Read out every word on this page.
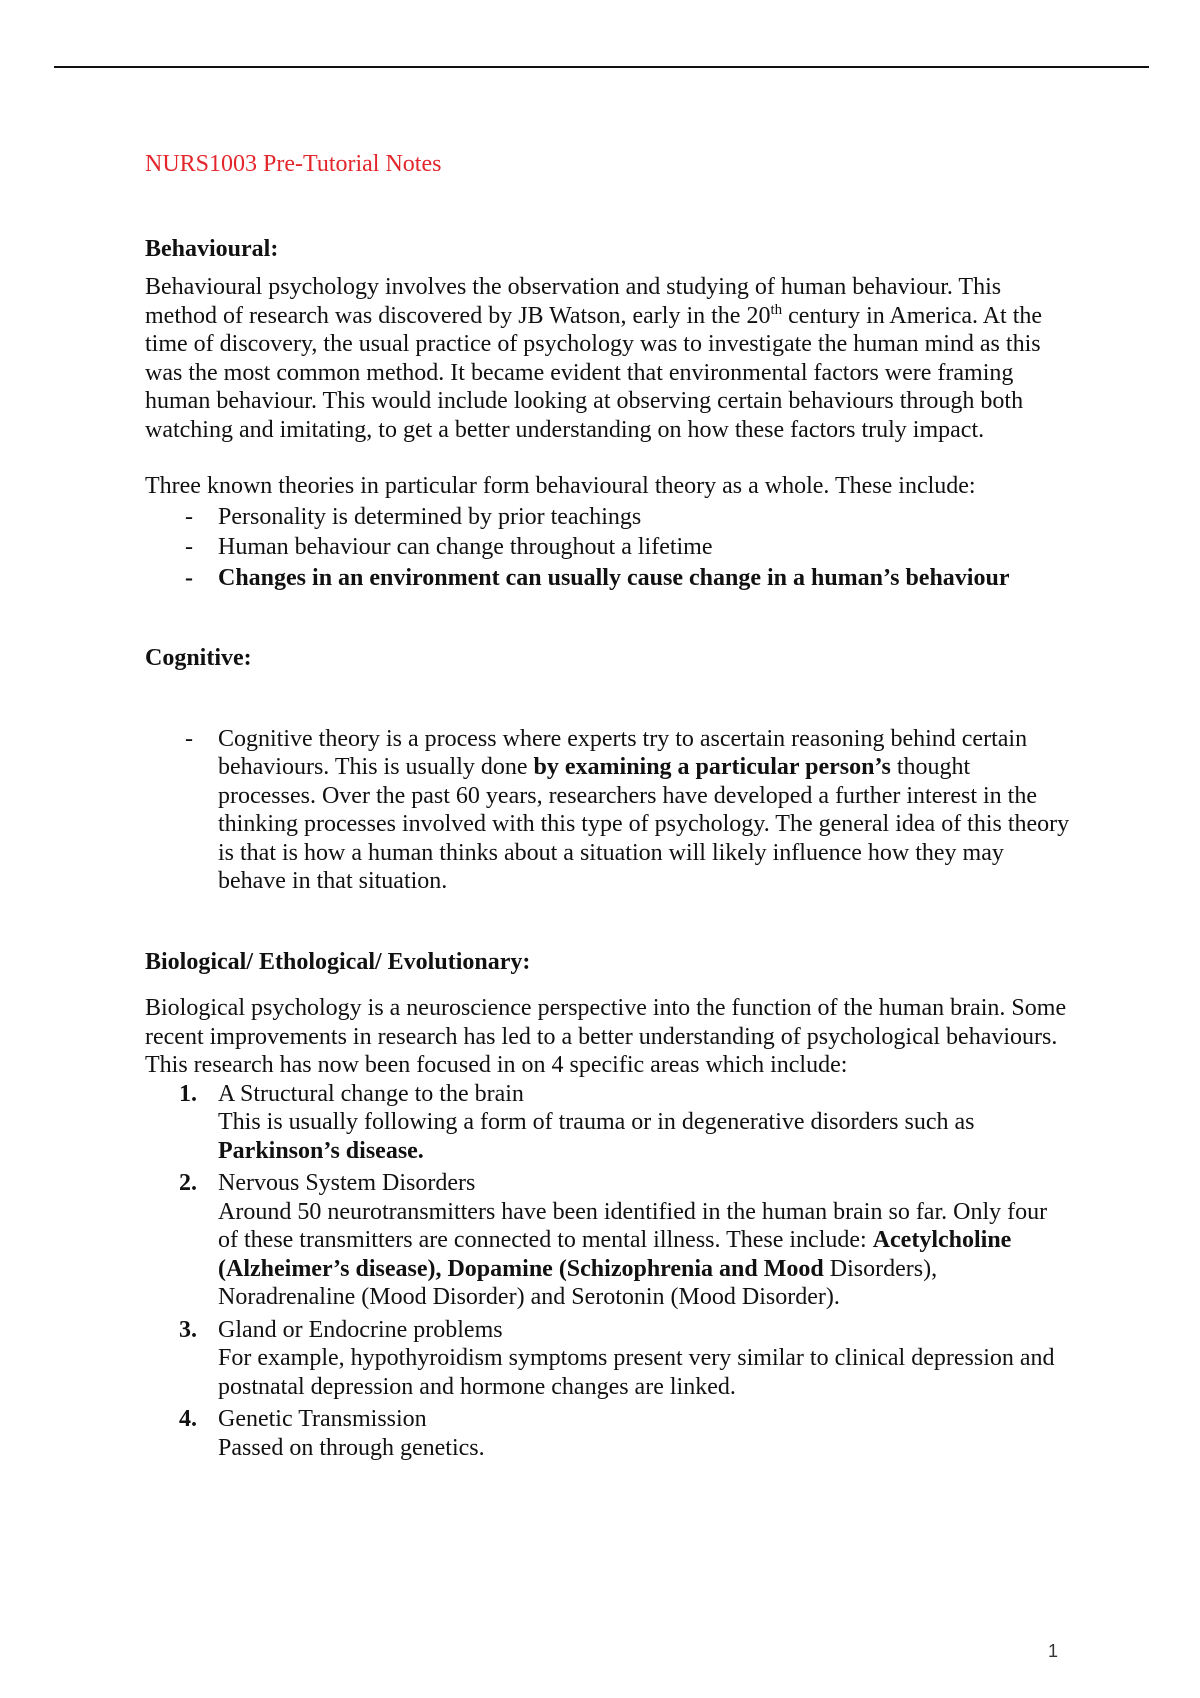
NURS1003 Pre-Tutorial Notes
Behavioural:

Behavioural psychology involves the observation and studying of human behaviour. This method of research was discovered by JB Watson, early in the 20th century in America. At the time of discovery, the usual practice of psychology was to investigate the human mind as this was the most common method. It became evident that environmental factors were framing human behaviour. This would include looking at observing certain behaviours through both watching and imitating, to get a better understanding on how these factors truly impact.

Three known theories in particular form behavioural theory as a whole. These include:

- Personality is determined by prior teachings
- Human behaviour can change throughout a lifetime
- Changes in an environment can usually cause change in a human’s behaviour
Cognitive:
- Cognitive theory is a process where experts try to ascertain reasoning behind certain behaviours. This is usually done by examining a particular person’s thought processes. Over the past 60 years, researchers have developed a further interest in the thinking processes involved with this type of psychology. The general idea of this theory is that is how a human thinks about a situation will likely influence how they may behave in that situation.
Biological/ Ethological/ Evolutionary:

Biological psychology is a neuroscience perspective into the function of the human brain. Some recent improvements in research has led to a better understanding of psychological behaviours. This research has now been focused in on 4 specific areas which include:

1. A Structural change to the brain
This is usually following a form of trauma or in degenerative disorders such as Parkinson’s disease.
2. Nervous System Disorders
Around 50 neurotransmitters have been identified in the human brain so far. Only four of these transmitters are connected to mental illness. These include: Acetylcholine (Alzheimer’s disease), Dopamine (Schizophrenia and Mood Disorders), Noradrenaline (Mood Disorder) and Serotonin (Mood Disorder).
3. Gland or Endocrine problems
For example, hypothyroidism symptoms present very similar to clinical depression and postnatal depression and hormone changes are linked.
4. Genetic Transmission
Passed on through genetics.
1
